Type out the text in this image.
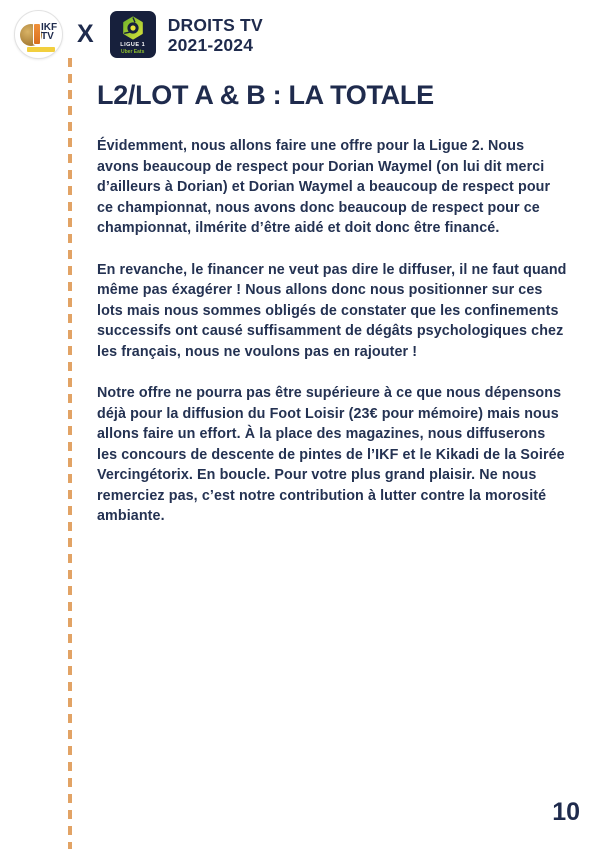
IKF
TV X	LIGUE 1
Uber Eats
DROITS TV
2021-2024
L2/LOT A & B : LA TOTALE

Évidemment, nous allons faire une offre pour la Ligue 2. Nous avons beaucoup de respect pour Dorian Waymel (on lui dit merci d’ailleurs à Dorian) et Dorian Waymel a beaucoup de respect pour ce championnat, nous avons donc beaucoup de respect pour ce championnat, ilmérite d’être aidé et doit donc être financé.

En revanche, le financer ne veut pas dire le diffuser, il ne faut quand même pas éxagérer ! Nous allons donc nous positionner sur ces lots mais nous sommes obligés de constater que les confinements successifs ont causé suffisamment de dégâts psychologiques chez les français, nous ne voulons pas en rajouter !

Notre offre ne pourra pas être supérieure à ce que nous dépensons déjà pour la diffusion du Foot Loisir (23€ pour mémoire) mais nous allons faire un effort. À la place des magazines, nous diffuserons les concours de descente de pintes de l’IKF et le Kikadi de la Soirée Vercingétorix. En boucle. Pour votre plus grand plaisir. Ne nous remerciez pas, c’est notre contribution à lutter contre la morosité ambiante.

10
